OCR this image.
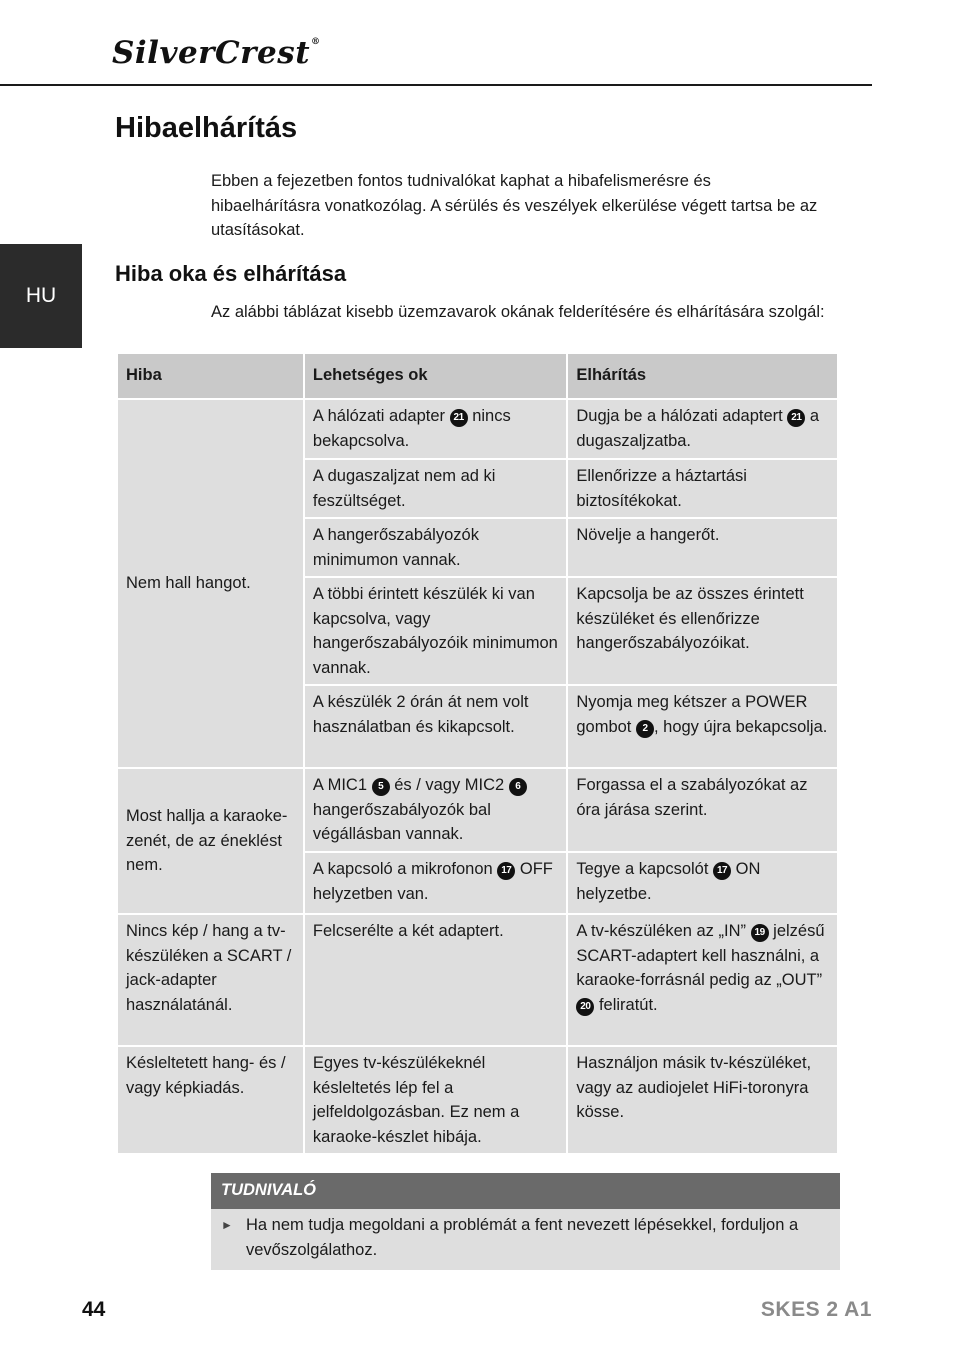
SilverCrest®
HU
Hibaelhárítás

Ebben a fejezetben fontos tudnivalókat kaphat a hibafelismerésre és hibaelhárításra vonatkozólag. A sérülés és veszélyek elkerülése végett tartsa be az utasításokat.

Hiba oka és elhárítása

Az alábbi táblázat kisebb üzemzavarok okának felderítésére és elhárítására szolgál:

Hiba	Lehetséges ok	Elhárítás
Nem hall hangot.	A hálózati adapter 21 nincs bekapcsolva.	Dugja be a hálózati adaptert 21 a dugaszaljzatba.
	A dugaszaljzat nem ad ki feszültséget.	Ellenőrizze a háztartási biztosítékokat.
	A hangerőszabályozók minimumon vannak.	Növelje a hangerőt.
	A többi érintett készülék ki van kapcsolva, vagy hangerőszabályozóik minimumon vannak.	Kapcsolja be az összes érintett készüléket és ellenőrizze hangerőszabályozóikat.
	A készülék 2 órán át nem volt használatban és kikapcsolt.	Nyomja meg kétszer a POWER gombot 2 , hogy újra bekapcsolja.
Most hallja a karaoke-zenét, de az éneklést nem.	A MIC1 5 és / vagy MIC2 6 hangerőszabályozók bal végállásban vannak.	Forgassa el a szabályozókat az óra járása szerint.
	A kapcsoló a mikrofonon 17 OFF helyzetben van.	Tegye a kapcsolót 17 ON helyzetbe.
Nincs kép / hang a tv-készüléken a SCART / jack-adapter használatánál.	Felcserélte a két adaptert.	A tv-készüléken az „IN” 19 jelzésű SCART-adaptert kell használni, a karaoke-forrásnál pedig az „OUT” 20 feliratút.
Késleltetett hang- és / vagy képkiadás.	Egyes tv-készülékeknél késleltetés lép fel a jelfeldolgozásban. Ez nem a karaoke-készlet hibája.	Használjon másik tv-készüléket, vagy az audiojelet HiFi-toronyra kösse.
TUDNIVALÓ
► Ha nem tudja megoldani a problémát a fent nevezett lépésekkel, forduljon a vevőszolgálathoz.
44	SKES 2 A1
